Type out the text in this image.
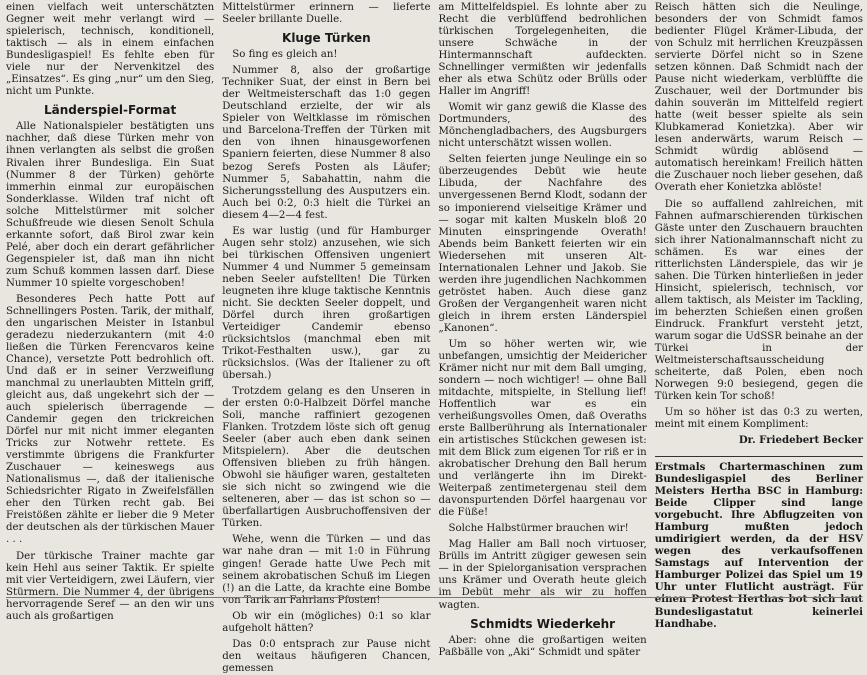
einen vielfach weit unterschätzten Gegner weit mehr verlangt wird — spielerisch, technisch, konditionell, taktisch — als in einem einfachen Bundesligaspiel! Es fehlte eben für viele nur der Nervenkitzel des „Einsatzes“. Es ging „nur“ um den Sieg, nicht um Punkte.

Länderspiel-Format

Alle Nationalspieler bestätigten uns nachher, daß diese Türken mehr von ihnen verlangten als selbst die großen Rivalen ihrer Bundesliga. Ein Suat (Nummer 8 der Türken) gehörte immerhin einmal zur europäischen Sonderklasse. Wilden traf nicht oft solche Mittelstürmer mit solcher Schußfreude wie diesen Senolt Schula erkannte sofort, daß Birol zwar kein Pelé, aber doch ein derart gefährlicher Gegenspieler ist, daß man ihn nicht zum Schuß kommen lassen darf. Diese Nummer 10 spielte vorgeschoben!

Besonderes Pech hatte Pott auf Schnellingers Posten. Tarik, der mithalf, den ungarischen Meister in Istanbul geradezu niederzukantern (mit 4:0 ließen die Türken Ferencvaros keine Chance), versetzte Pott bedrohlich oft. Und daß er in seiner Verzweiflung manchmal zu unerlaubten Mitteln griff, gleicht aus, daß ungekehrt sich der — auch spielerisch überragende — Candemir gegen den trickreichen Dörfel nur mit nicht immer eleganten Tricks zur Notwehr rettete. Es verstimmte übrigens die Frankfurter Zuschauer — keineswegs aus Nationalismus —, daß der italienische Schiedsrichter Rigato in Zweifelsfällen eher den Türken recht gab. Bei Freistößen zählte er lieber die 9 Meter der deutschen als der türkischen Mauer . . .

Der türkische Trainer machte gar kein Hehl aus seiner Taktik. Er spielte mit vier Verteidigern, zwei Läufern, vier Stürmern. Die Nummer 4, der übrigens hervorragende Seref — an den wir uns auch als großartigen

Mittelstürmer erinnern — lieferte Seeler brillante Duelle.

Kluge Türken

So fing es gleich an!

Nummer 8, also der großartige Techniker Suat, der einst in Bern bei der Weltmeisterschaft das 1:0 gegen Deutschland erzielte, der wir als Spieler von Weltklasse im römischen und Barcelona-Treffen der Türken mit den von ihnen hinausgeworfenen Spaniern feierten, diese Nummer 8 also bezog Serefs Posten als Läufer; Nummer 5, Sabahattin, nahm die Sicherungsstellung des Ausputzers ein. Auch bei 0:2, 0:3 hielt die Türkei an diesem 4—2—4 fest.

Es war lustig (und für Hamburger Augen sehr stolz) anzusehen, wie sich bei türkischen Offensiven ungeniert Nummer 4 und Nummer 5 gemeinsam neben Seeler aufstellten! Die Türken leugneten ihre kluge taktische Kenntnis nicht. Sie deckten Seeler doppelt, und Dörfel durch ihren großartigen Verteidiger Candemir ebenso rücksichtslos (manchmal eben mit Trikot-Festhalten usw.), gar zu rücksichslos. (Was der Italiener zu oft übersah.)

Trotzdem gelang es den Unseren in der ersten 0:0-Halbzeit Dörfel manche Soli, manche raffiniert gezogenen Flanken. Trotzdem löste sich oft genug Seeler (aber auch eben dank seinen Mitspielern). Aber die deutschen Offensiven blieben zu früh hängen. Obwohl sie häufiger waren, gestalteten sie sich nicht so zwingend wie die selteneren, aber — das ist schon so — überfallartigen Ausbruchoffensiven der Türken.

Wehe, wenn die Türken — und das war nahe dran — mit 1:0 in Führung gingen! Gerade hatte Uwe Pech mit seinem akrobatischen Schuß im Liegen (!) an die Latte, da krachte eine Bombe von Tarik an Fahrlans Pfosten!

Ob wir ein (mögliches) 0:1 so klar aufgeholt hätten?

Das 0:0 entsprach zur Pause nicht den weitaus häufigeren Chancen, gemessen

am Mittelfeldspiel. Es lohnte aber zu Recht die verblüffend bedrohlichen türkischen Torgelegenheiten, die unsere Schwäche in der Hintermannschaft aufdeckten. Schnellinger vermißten wir jedenfalls eher als etwa Schütz oder Brülls oder Haller im Angriff!

Womit wir ganz gewiß die Klasse des Dortmunders, des Mönchengladbachers, des Augsburgers nicht unterschätzt wissen wollen.

Selten feierten junge Neulinge ein so überzeugendes Debüt wie heute Libuda, der Nachfahre des unvergessenen Bernd Klodt, sodann der so imponierend vielseitige Krämer und — sogar mit kalten Muskeln bloß 20 Minuten einspringende Overath! Abends beim Bankett feierten wir ein Wiedersehen mit unseren Alt-Internationalen Lehner und Jakob. Sie werden ihre jugendlichen Nachkommen getröstet haben. Auch diese ganz Großen der Vergangenheit waren nicht gleich in ihrem ersten Länderspiel „Kanonen“.

Um so höher werten wir, wie unbefangen, umsichtig der Meidericher Krämer nicht nur mit dem Ball umging, sondern — noch wichtiger! — ohne Ball mitdachte, mitspielte, in Stellung lief! Hoffentlich war es ein verheißungsvolles Omen, daß Overaths erste Ballberührung als Internationaler ein artistisches Stückchen gewesen ist: mit dem Blick zum eigenen Tor riß er in akrobatischer Drehung den Ball herum und verlängerte ihn im Direkt-Weiterpaß zentimetergenau steil dem davonspurtenden Dörfel haargenau vor die Füße!

Solche Halbstürmer brauchen wir!

Mag Haller am Ball noch virtuoser, Brülls im Antritt zügiger gewesen sein — in der Spielorganisation versprachen uns Krämer und Overath heute gleich im Debüt mehr als wir zu hoffen wagten.

Schmidts Wiederkehr

Aber: ohne die großartigen weiten Paßbälle von „Aki“ Schmidt und später

Reisch hätten sich die Neulinge, besonders der von Schmidt famos bedienter Flügel Krämer-Libuda, der von Schulz mit herrlichen Kreuzpässen servierte Dörfel nicht so in Szene setzen können. Daß Schmidt nach der Pause nicht wiederkam, verblüffte die Zuschauer, weil der Dortmunder bis dahin souverän im Mittelfeld regiert hatte (weit besser spielte als sein Klubkamerad Konietzka). Aber wir lesen anderwärts, warum Reisch — Schmidt würdig ablösend — automatisch hereinkam! Freilich hätten die Zuschauer noch lieber gesehen, daß Overath eher Konietzka ablöste!

Die so auffallend zahlreichen, mit Fahnen aufmarschierenden türkischen Gäste unter den Zuschauern brauchten sich ihrer Nationalmannschaft nicht zu schämen. Es war eines der ritterlichsten Länderspiele, das wir je sahen. Die Türken hinterließen in jeder Hinsicht, spielerisch, technisch, vor allem taktisch, als Meister im Tackling, im beherzten Schießen einen großen Eindruck. Frankfurt versteht jetzt, warum sogar die UdSSR beinahe an der Türkei in der Weltmeisterschaftsausscheidung scheiterte, daß Polen, eben noch Norwegen 9:0 besiegend, gegen die Türken kein Tor schoß!

Um so höher ist das 0:3 zu werten, meint mit einem Kompliment:

Dr. Friedebert Becker

Erstmals Chartermaschinen zum Bundesligaspiel des Berliner Meisters Hertha BSC in Hamburg: Beide Clipper sind lange vorgebucht. Ihre Abflugzeiten von Hamburg mußten jedoch umdirigiert werden, da der HSV wegen des verkaufsoffenen Samstags auf Intervention der Hamburger Polizei das Spiel um 19 Uhr unter Flutlicht austrägt. Für einen Protest Herthas bot sich laut Bundesligastatut keinerlei Handhabe.
